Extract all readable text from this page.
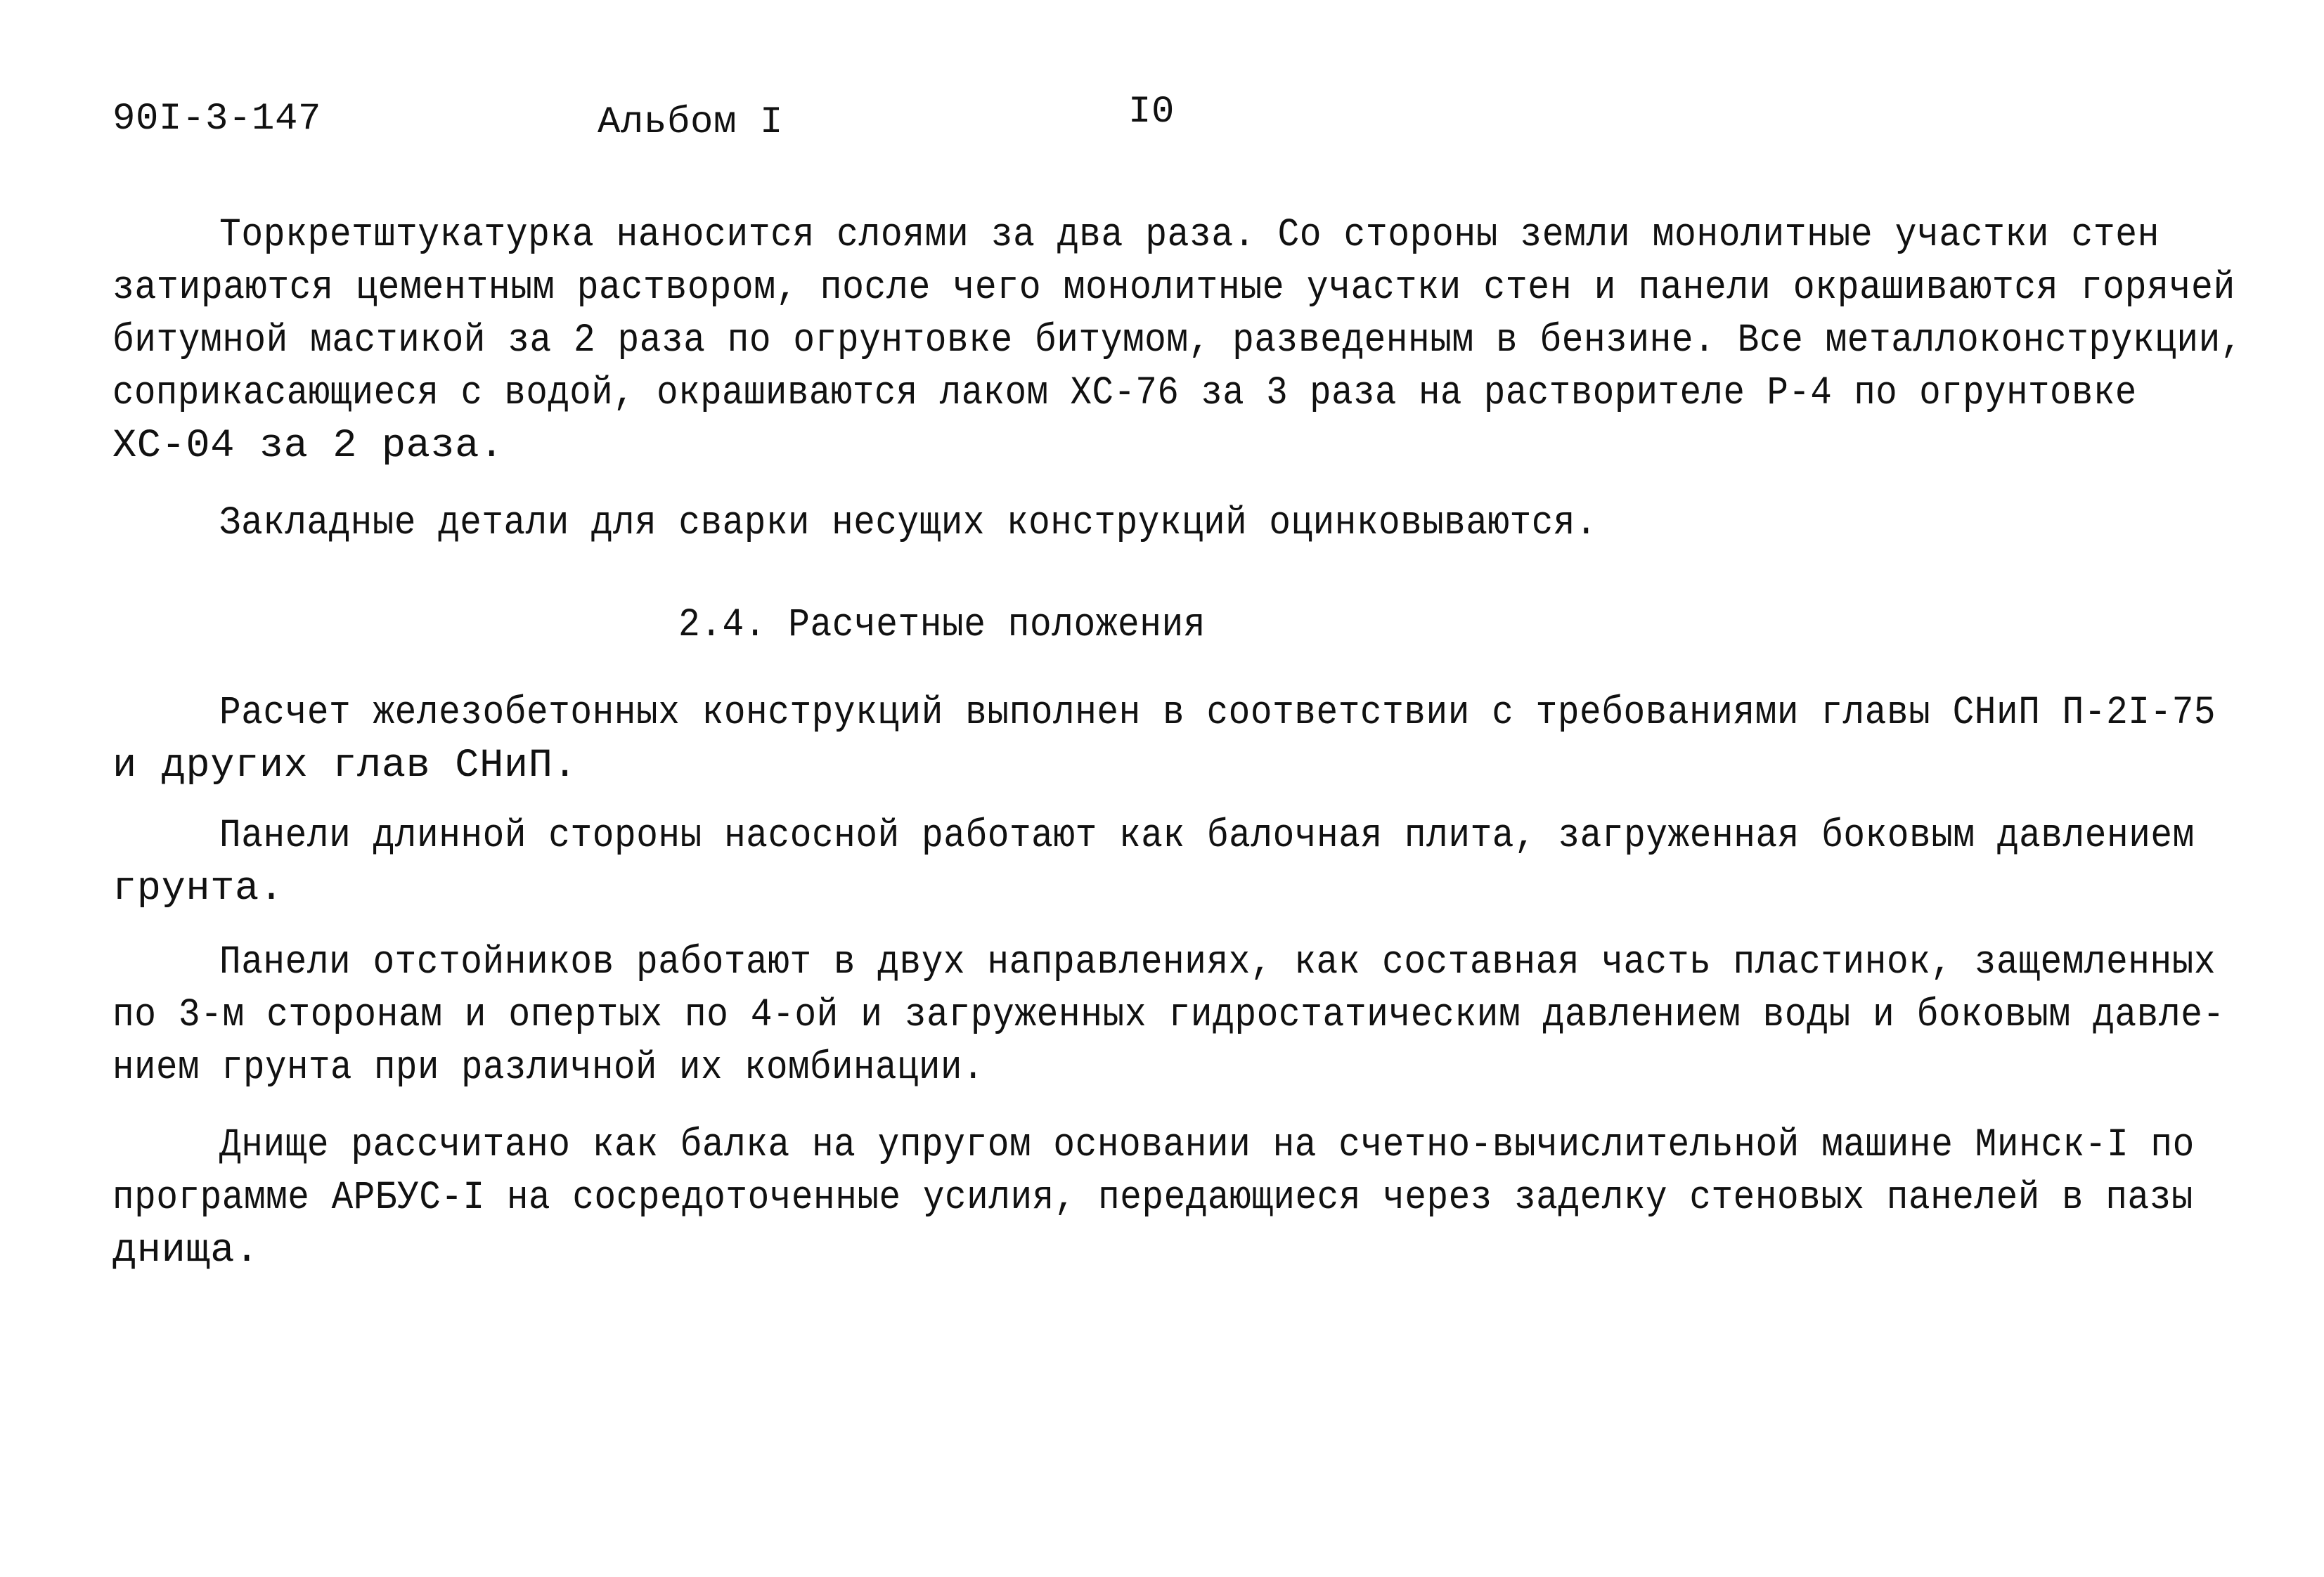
90I-3-147	Альбом I	I0
Торкретштукатурка наносится слоями за два раза. Со стороны земли монолитные участки стен
затираются цементным раствором, после чего монолитные участки стен и панели окрашиваются горячей
битумной мастикой за 2 раза по огрунтовке битумом, разведенным в бензине. Все металлоконструкции,
соприкасающиеся с водой, окрашиваются лаком ХС-76 за 3 раза на растворителе Р-4 по огрунтовке
ХС-04 за 2 раза.
Закладные детали для сварки несущих конструкций оцинковываются.
2.4. Расчетные положения
Расчет железобетонных конструкций выполнен в соответствии с требованиями главы СНиП П-2I-75
и других глав СНиП.
Панели длинной стороны насосной работают как балочная плита, загруженная боковым давлением
грунта.
Панели отстойников работают в двух направлениях, как составная часть пластинок, защемленных
по 3-м сторонам и опертых по 4-ой и загруженных гидростатическим давлением воды и боковым давле-
нием грунта при различной их комбинации.
Днище рассчитано как балка на упругом основании на счетно-вычислительной машине Минск-I по
программе АРБУС-I на сосредоточенные усилия, передающиеся через заделку стеновых панелей в пазы
днища.
